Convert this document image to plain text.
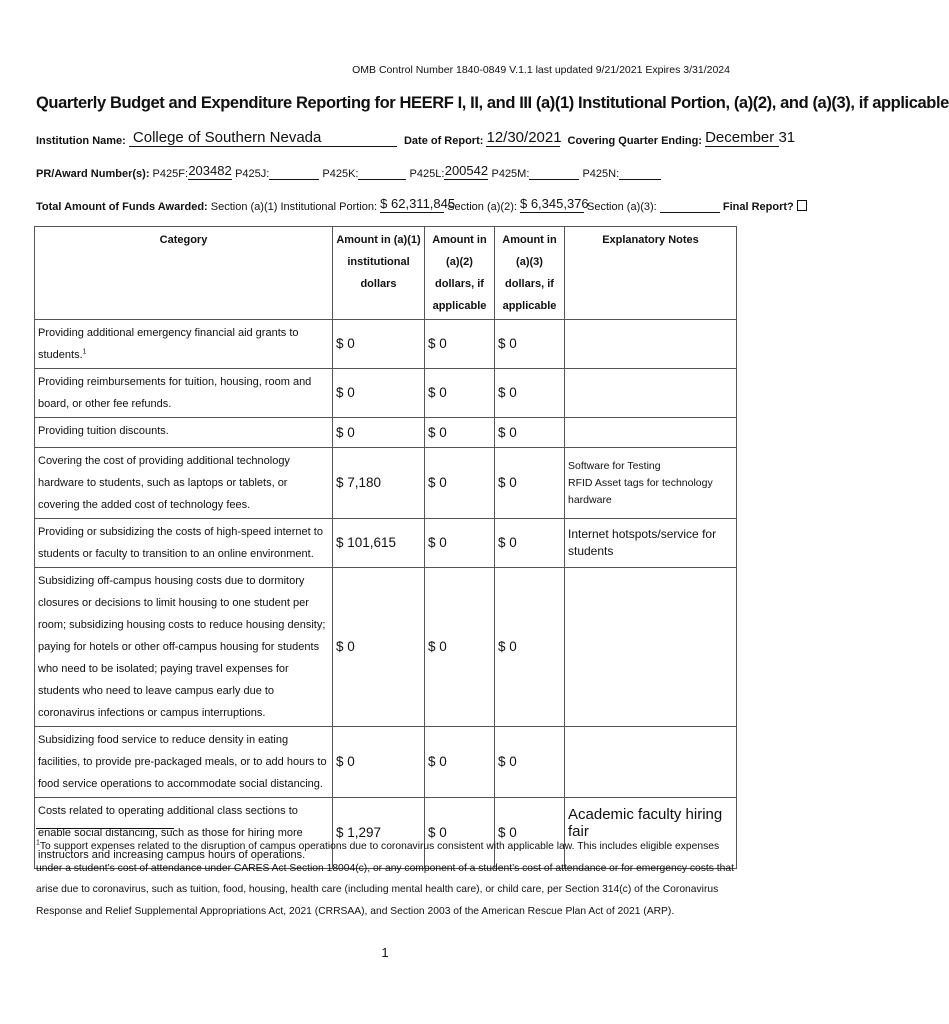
OMB Control Number 1840-0849 V.1.1 last updated 9/21/2021 Expires 3/31/2024
Quarterly Budget and Expenditure Reporting for HEERF I, II, and III (a)(1) Institutional Portion, (a)(2), and (a)(3), if applicable
Institution Name: College of Southern Nevada	Date of Report: 12/30/2021 Covering Quarter Ending: December 31
PR/Award Number(s): P425F: 203482 P425J:	P425K:	P425L: 200542 P425M:	P425N:
Total Amount of Funds Awarded: Section (a)(1) Institutional Portion: $ 62,311,845
Section (a)(2): $ 6,345,376
Section (a)(3):	Final Report?
Category	Amount in (a)(1) institutional dollars	Amount in (a)(2) dollars, if applicable	Amount in (a)(3) dollars, if applicable	Explanatory Notes
Providing additional emergency financial aid grants to students.$^1$	$ 0	$ 0	$ 0	
Providing reimbursements for tuition, housing, room and board, or other fee refunds.	$ 0	$ 0	$ 0	
Providing tuition discounts.	$ 0	$ 0	$ 0	
Covering the cost of providing additional technology hardware to students, such as laptops or tablets, or covering the added cost of technology fees.	$ 7,180	$ 0	$ 0	Software for Testing
RFID Asset tags for technology hardware

Providing or subsidizing the costs of high-speed internet to students or faculty to transition to an online environment.	$ 101,615	$ 0	$ 0	Internet hotspots/service for students
Subsidizing off-campus housing costs due to dormitory closures or decisions to limit housing to one student per room; subsidizing housing costs to reduce housing density; paying for hotels or other off-campus housing for students who need to be isolated; paying travel expenses for students who need to leave campus early due to coronavirus infections or campus interruptions.	$ 0	$ 0	$ 0	
Subsidizing food service to reduce density in eating facilities, to provide pre-packaged meals, or to add hours to food service operations to accommodate social distancing.	$ 0	$ 0	$ 0	
Costs related to operating additional class sections to enable social distancing, such as those for hiring more instructors and increasing campus hours of operations.	$ 1,297	$ 0	$ 0	Academic faculty hiring fair
$^1$To support expenses related to the disruption of campus operations due to coronavirus consistent with applicable law. This includes eligible expenses under a student’s cost of attendance under CARES Act Section 18004(c), or any component of a student’s cost of attendance or for emergency costs that arise due to coronavirus, such as tuition, food, housing, health care (including mental health care), or child care, per Section 314(c) of the Coronavirus Response and Relief Supplemental Appropriations Act, 2021 (CRRSAA), and Section 2003 of the American Rescue Plan Act of 2021 (ARP).
1
